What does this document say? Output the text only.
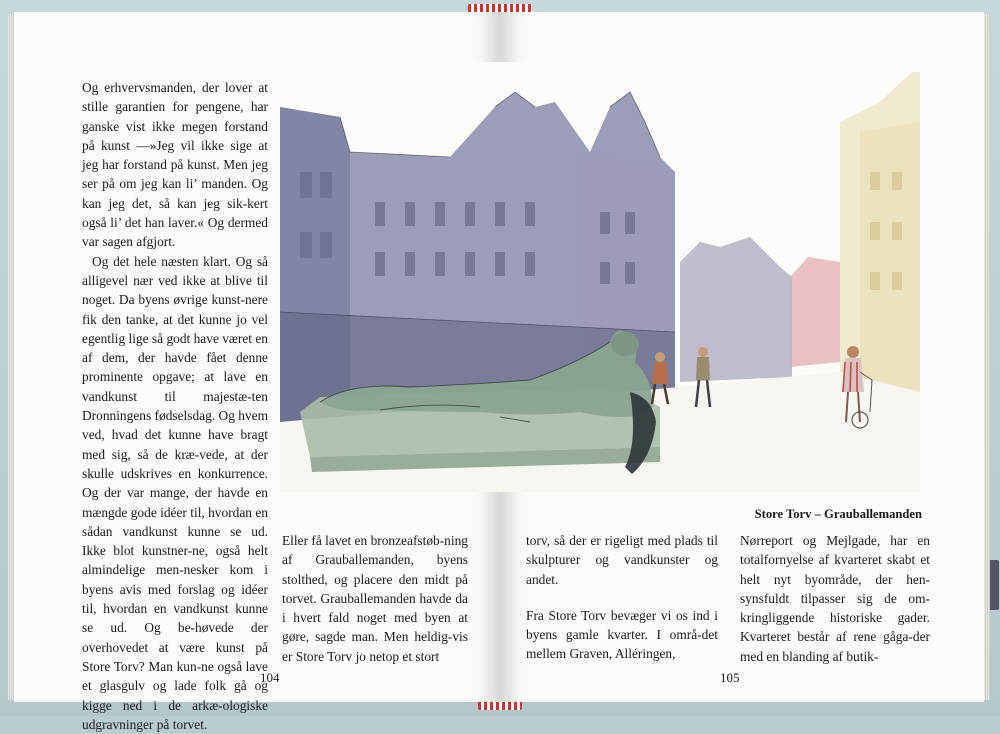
Og erhvervsmanden, der lover at stille garantien for pengene, har ganske vist ikke megen forstand på kunst —»Jeg vil ikke sige at jeg har forstand på kunst. Men jeg ser på om jeg kan li’ manden. Og kan jeg det, så kan jeg sik-kert også li’ det han laver.« Og dermed var sagen afgjort.

Og det hele næsten klart. Og så alligevel nær ved ikke at blive til noget. Da byens øvrige kunst-nere fik den tanke, at det kunne jo vel egentlig lige så godt have været en af dem, der havde fået denne prominente opgave; at lave en vandkunst til majestæ-ten Dronningens fødselsdag. Og hvem ved, hvad det kunne have bragt med sig, så de kræ-vede, at der skulle udskrives en konkurrence. Og der var mange, der havde en mængde gode idéer til, hvordan en sådan vandkunst kunne se ud. Ikke blot kunstner-ne, også helt almindelige men-nesker kom i byens avis med forslag og idéer til, hvordan en vandkunst kunne se ud. Og be-høvede der overhovedet at være kunst på Store Torv? Man kun-ne også lave et glasgulv og lade folk gå og kigge ned i de arkæ-ologiske udgravninger på torvet.

Eller få lavet en bronzeafstøb-ning af Grauballemanden, byens stolthed, og placere den midt på torvet. Grauballemanden havde da i hvert fald noget med byen at gøre, sagde man. Men heldig-vis er Store Torv jo netop et stort

104

torv, så der er rigeligt med plads til skulpturer og vandkunster og andet.

Fra Store Torv bevæger vi os ind i byens gamle kvarter. I områ-det mellem Graven, Alléringen,

Nørreport og Mejlgade, har en totalfornyelse af kvarteret skabt et helt nyt byområde, der hen-synsfuldt tilpasser sig de om-kringliggende historiske gader. Kvarteret består af rene gåga-der med en blanding af butik-

Store Torv – Grauballemanden
105
